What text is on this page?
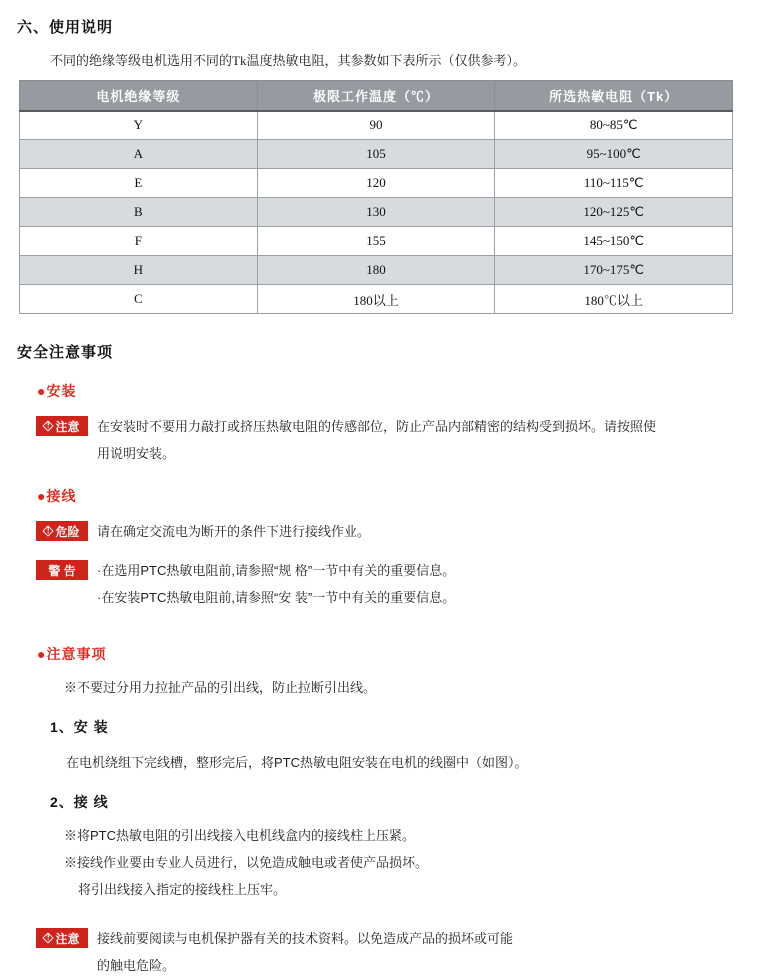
六、使用说明
不同的绝缘等级电机选用不同的Tk温度热敏电阻，其参数如下表所示（仅供参考）。
电机绝缘等级	极限工作温度（℃）	所选热敏电阻（Tk）
Y	90	80~85℃
A	105	95~100℃
E	120	110~115℃
B	130	120~125℃
F	155	145~150℃
H	180	170~175℃
C	180以上	180℃以上
安全注意事项
●安装
! 注意 在安装时不要用力敲打或挤压热敏电阻的传感部位，防止产品内部精密的结构受到损坏。请按照使
用说明安装。
●接线
! 危险 请在确定交流电为断开的条件下进行接线作业。
警 告 ·在选用PTC热敏电阻前,请参照“规 格”一节中有关的重要信息。
·在安装PTC热敏电阻前,请参照“安 装”一节中有关的重要信息。
●注意事项
※不要过分用力拉扯产品的引出线，防止拉断引出线。
1、安 装
在电机绕组下完线槽，整形完后，将PTC热敏电阻安装在电机的线圈中（如图）。
2、接 线
※将PTC热敏电阻的引出线接入电机线盒内的接线柱上压紧。
※接线作业要由专业人员进行，以免造成触电或者使产品损坏。
将引出线接入指定的接线柱上压牢。
! 注意 接线前要阅读与电机保护器有关的技术资料。以免造成产品的损坏或可能
的触电危险。
